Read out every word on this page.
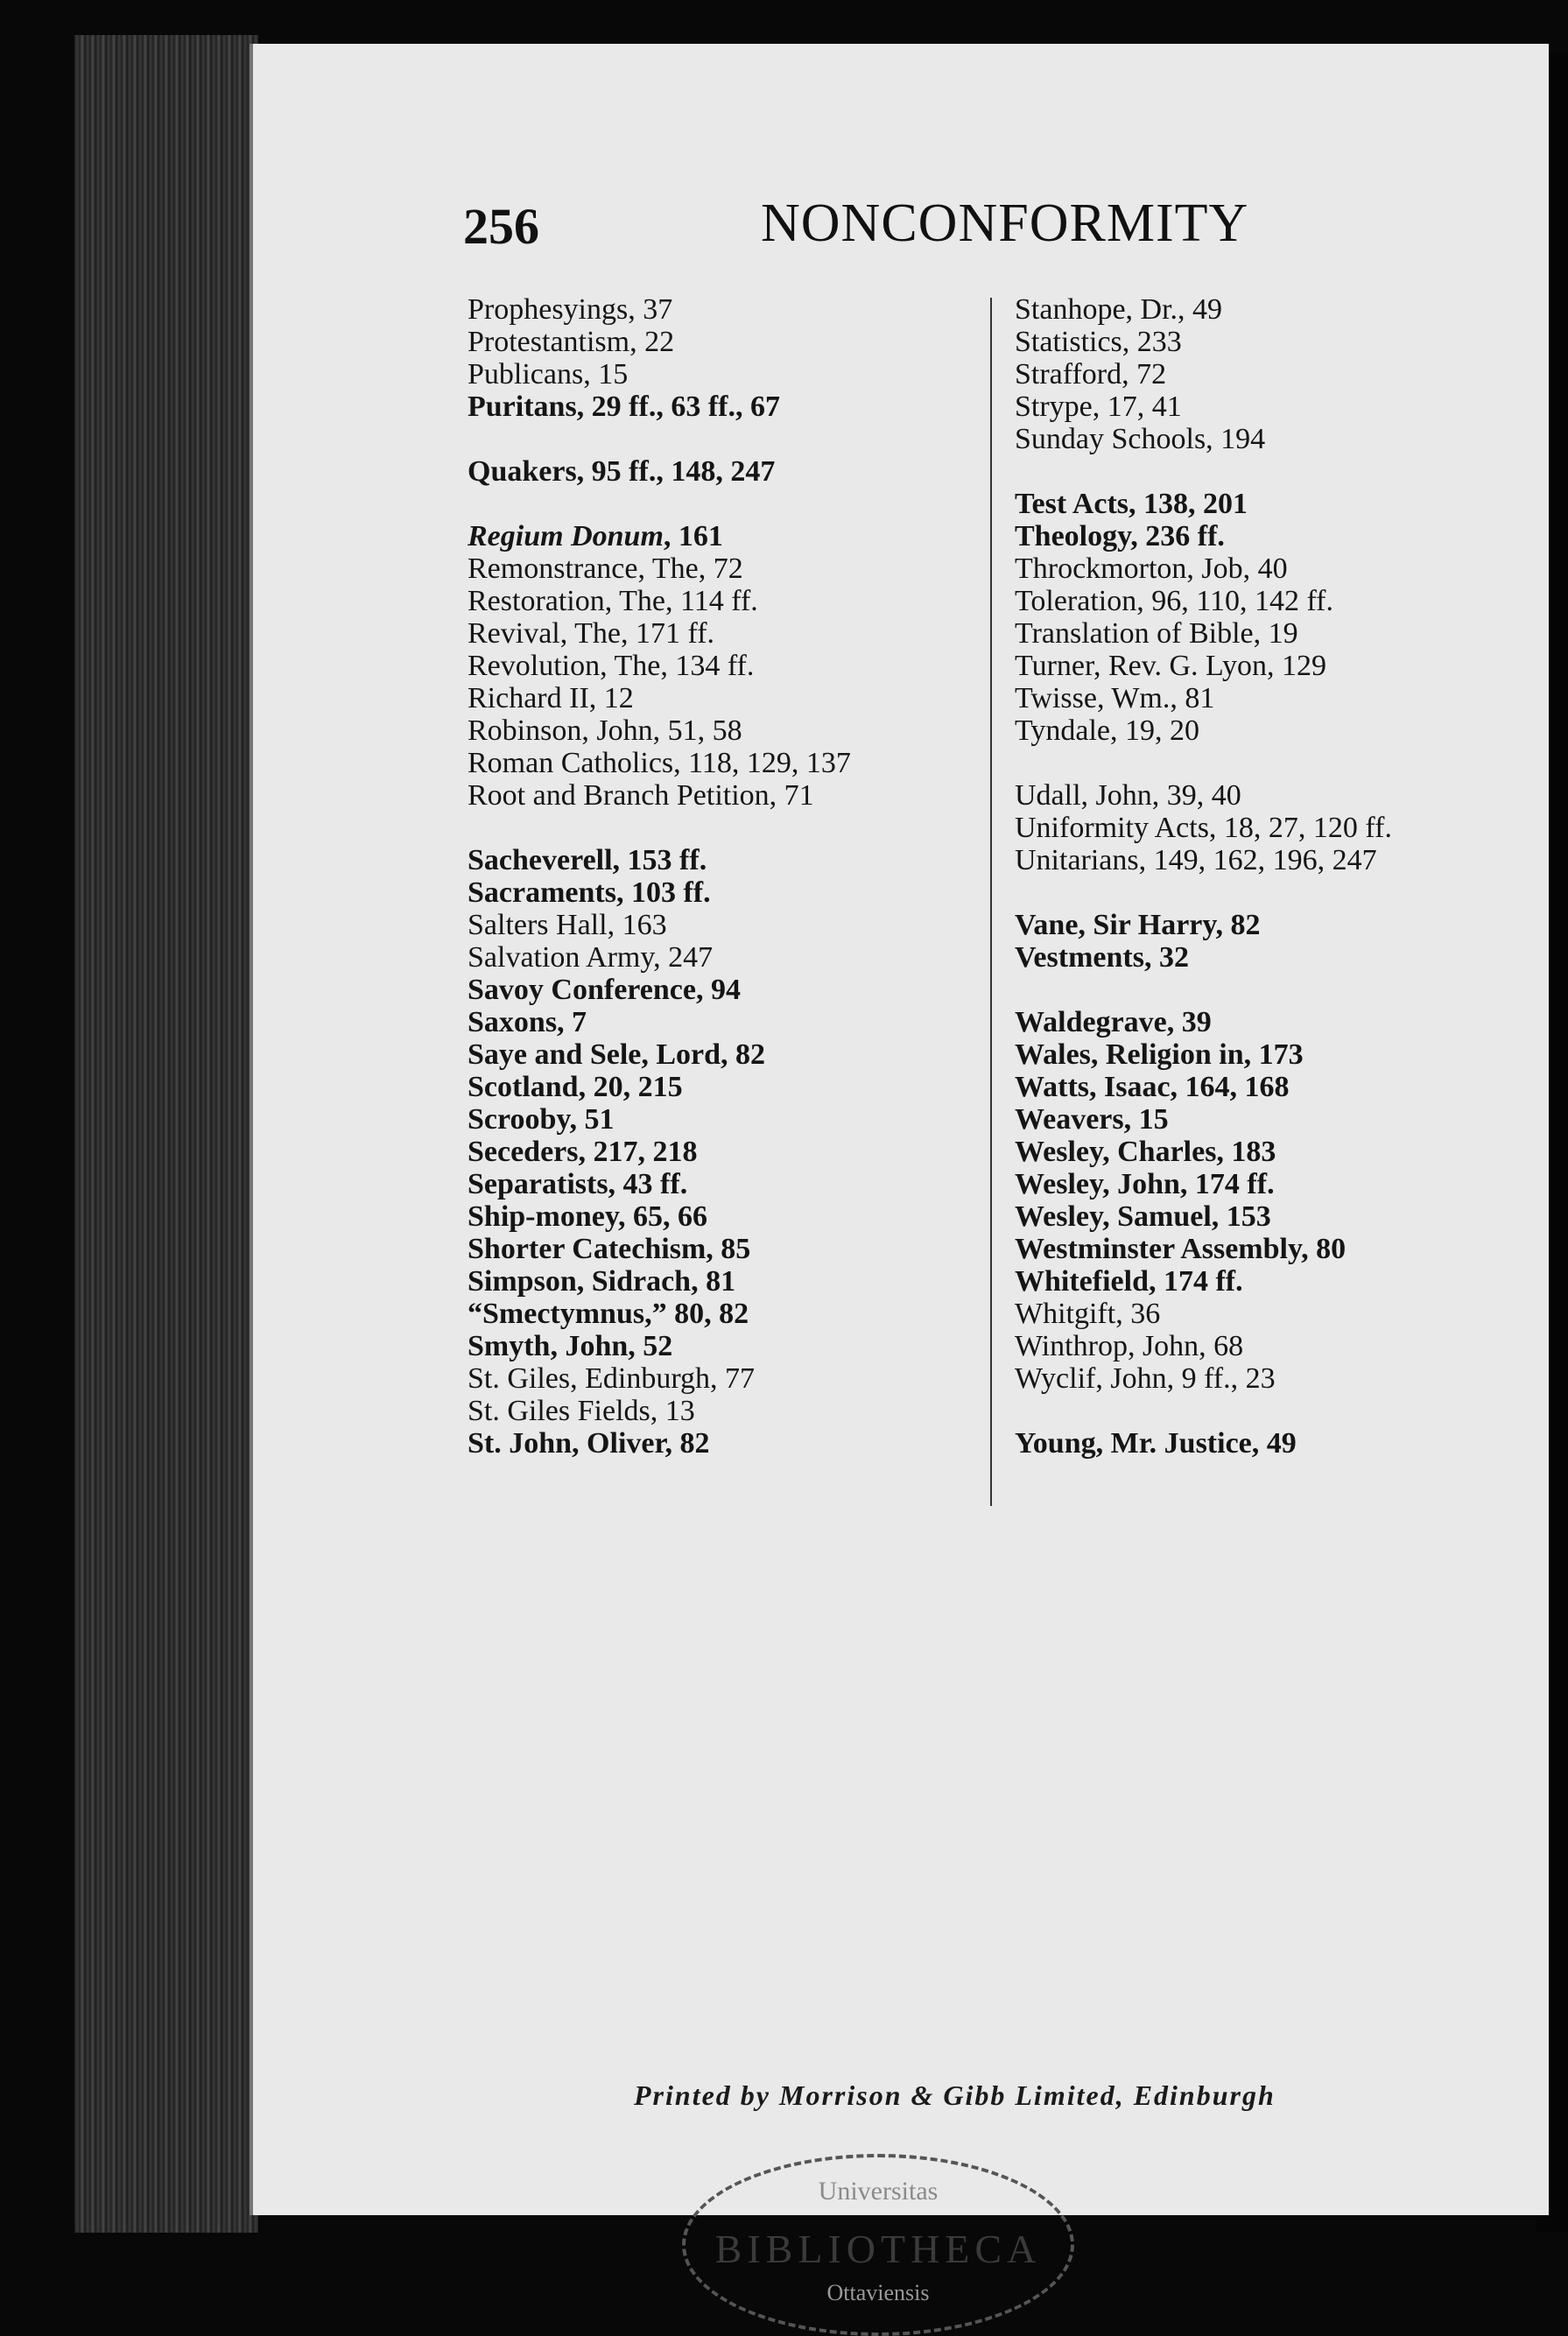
256	NONCONFORMITY
Prophesyings, 37
Protestantism, 22
Publicans, 15
Puritans, 29 ff., 63 ff., 67
Quakers, 95 ff., 148, 247
Regium Donum, 161
Remonstrance, The, 72
Restoration, The, 114 ff.
Revival, The, 171 ff.
Revolution, The, 134 ff.
Richard II, 12
Robinson, John, 51, 58
Roman Catholics, 118, 129, 137
Root and Branch Petition, 71
Sacheverell, 153 ff.
Sacraments, 103 ff.
Salters Hall, 163
Salvation Army, 247
Savoy Conference, 94
Saxons, 7
Saye and Sele, Lord, 82
Scotland, 20, 215
Scrooby, 51
Seceders, 217, 218
Separatists, 43 ff.
Ship-money, 65, 66
Shorter Catechism, 85
Simpson, Sidrach, 81
“Smectymnus,” 80, 82
Smyth, John, 52
St. Giles, Edinburgh, 77
St. Giles Fields, 13
St. John, Oliver, 82
Stanhope, Dr., 49
Statistics, 233
Strafford, 72
Strype, 17, 41
Sunday Schools, 194
Test Acts, 138, 201
Theology, 236 ff.
Throckmorton, Job, 40
Toleration, 96, 110, 142 ff.
Translation of Bible, 19
Turner, Rev. G. Lyon, 129
Twisse, Wm., 81
Tyndale, 19, 20
Udall, John, 39, 40
Uniformity Acts, 18, 27, 120 ff.
Unitarians, 149, 162, 196, 247
Vane, Sir Harry, 82
Vestments, 32
Waldegrave, 39
Wales, Religion in, 173
Watts, Isaac, 164, 168
Weavers, 15
Wesley, Charles, 183
Wesley, John, 174 ff.
Wesley, Samuel, 153
Westminster Assembly, 80
Whitefield, 174 ff.
Whitgift, 36
Winthrop, John, 68
Wyclif, John, 9 ff., 23
Young, Mr. Justice, 49
Printed by Morrison & Gibb Limited, Edinburgh
Universitas
BIBLIOTHECA
Ottaviensis
